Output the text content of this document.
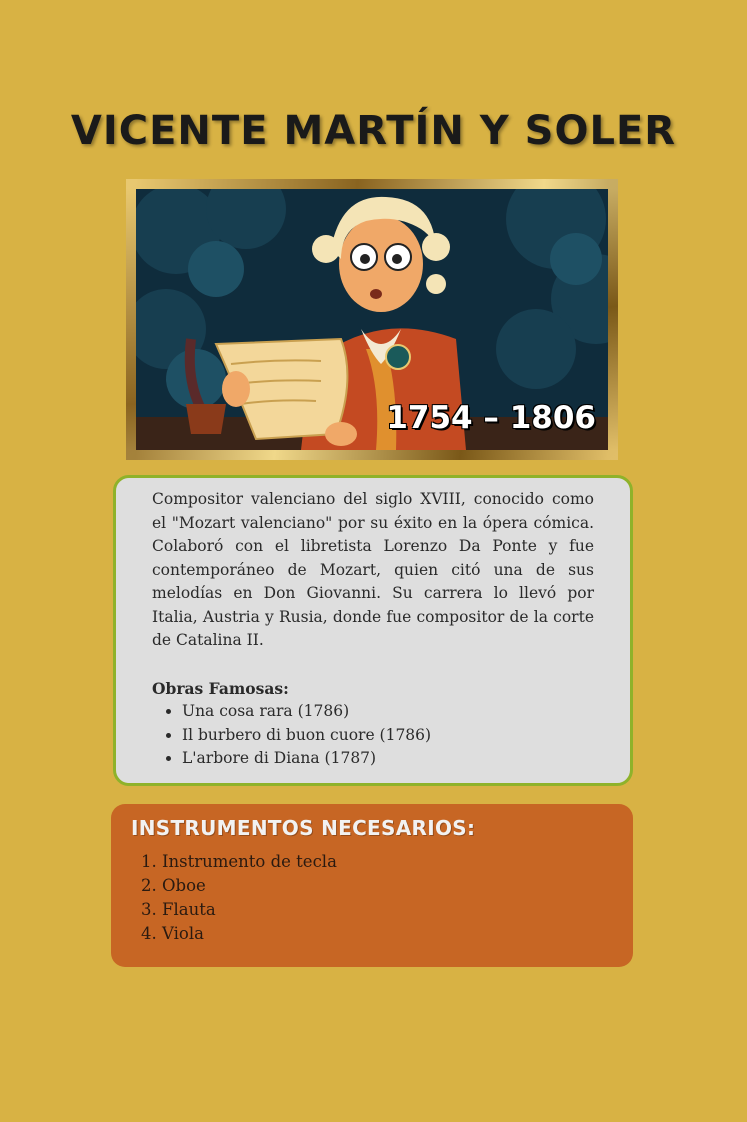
VICENTE MARTÍN Y SOLER
1754 – 1806

Compositor valenciano del siglo XVIII, conocido como el "Mozart valenciano" por su éxito en la ópera cómica. Colaboró con el libretista Lorenzo Da Ponte y fue contemporáneo de Mozart, quien citó una de sus melodías en Don Giovanni. Su carrera lo llevó por Italia, Austria y Rusia, donde fue compositor de la corte de Catalina II.

Obras Famosas:

• Una cosa rara (1786)
• Il burbero di buon cuore (1786)
• L'arbore di Diana (1787)
INSTRUMENTOS NECESARIOS:
1. Instrumento de tecla
2. Oboe
3. Flauta
4. Viola
